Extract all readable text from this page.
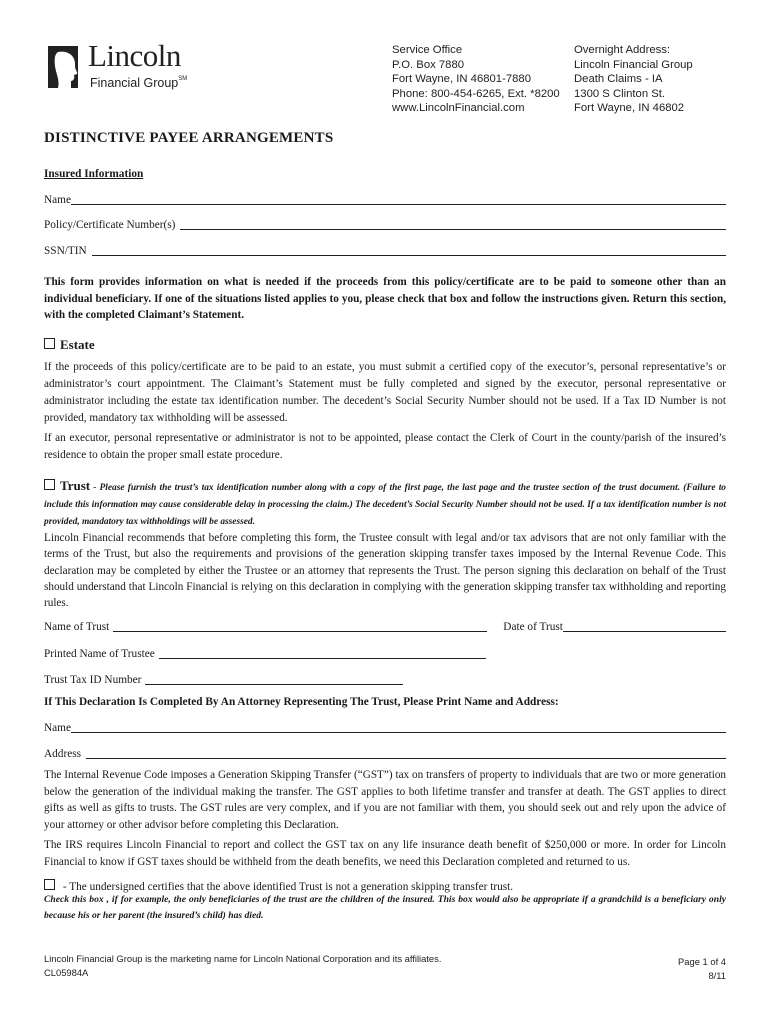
Lincoln
Financial Group℠
Service Office
P.O. Box 7880
Fort Wayne, IN 46801-7880
Phone: 800-454-6265, Ext. *8200
www.LincolnFinancial.com
Overnight Address:
Lincoln Financial Group
Death Claims - IA
1300 S Clinton St.
Fort Wayne, IN 46802
DISTINCTIVE PAYEE ARRANGEMENTS
Insured Information
Name
Policy/Certificate Number(s)
SSN/TIN
This form provides information on what is needed if the proceeds from this policy/certificate are to be paid to someone other than an individual beneficiary. If one of the situations listed applies to you, please check that box and follow the instructions given. Return this section, with the completed Claimant’s Statement.
Estate
If the proceeds of this policy/certificate are to be paid to an estate, you must submit a certified copy of the executor’s, personal representative’s or administrator’s court appointment. The Claimant’s Statement must be fully completed and signed by the executor, personal representative or administrator including the estate tax identification number. The decedent’s Social Security Number should not be used. If a Tax ID Number is not provided, mandatory tax withholding will be assessed.
If an executor, personal representative or administrator is not to be appointed, please contact the Clerk of Court in the county/parish of the insured’s residence to obtain the proper small estate procedure.
Trust - Please furnish the trust’s tax identification number along with a copy of the first page, the last page and the trustee section of the trust document. (Failure to include this information may cause considerable delay in processing the claim.) The decedent’s Social Security Number should not be used. If a tax identification number is not provided, mandatory tax withholdings will be assessed.
Lincoln Financial recommends that before completing this form, the Trustee consult with legal and/or tax advisors that are not only familiar with the terms of the Trust, but also the requirements and provisions of the generation skipping transfer taxes imposed by the Internal Revenue Code. This declaration may be completed by either the Trustee or an attorney that represents the Trust. The person signing this declaration on behalf of the Trust should understand that Lincoln Financial is relying on this declaration in complying with the generation skipping transfer tax withholding and reporting rules.
Name of Trust	Date of Trust
Printed Name of Trustee
Trust Tax ID Number
If This Declaration Is Completed By An Attorney Representing The Trust, Please Print Name and Address:
Name
Address
The Internal Revenue Code imposes a Generation Skipping Transfer (“GST”) tax on transfers of property to individuals that are two or more generation below the generation of the individual making the transfer. The GST applies to both lifetime transfer and transfer at death. The GST applies to direct gifts as well as gifts to trusts. The GST rules are very complex, and if you are not familiar with them, you should seek out and rely upon the advice of your attorney or other advisor before completing this Declaration.
The IRS requires Lincoln Financial to report and collect the GST tax on any life insurance death benefit of $250,000 or more. In order for Lincoln Financial to know if GST taxes should be withheld from the death benefits, we need this Declaration completed and returned to us.
- The undersigned certifies that the above identified Trust is not a generation skipping transfer trust.
Check this box , if for example, the only beneficiaries of the trust are the children of the insured. This box would also be appropriate if a grandchild is a beneficiary only because his or her parent (the insured’s child) has died.
Lincoln Financial Group is the marketing name for Lincoln National Corporation and its affiliates.
CL05984A
Page 1 of 4
8/11
